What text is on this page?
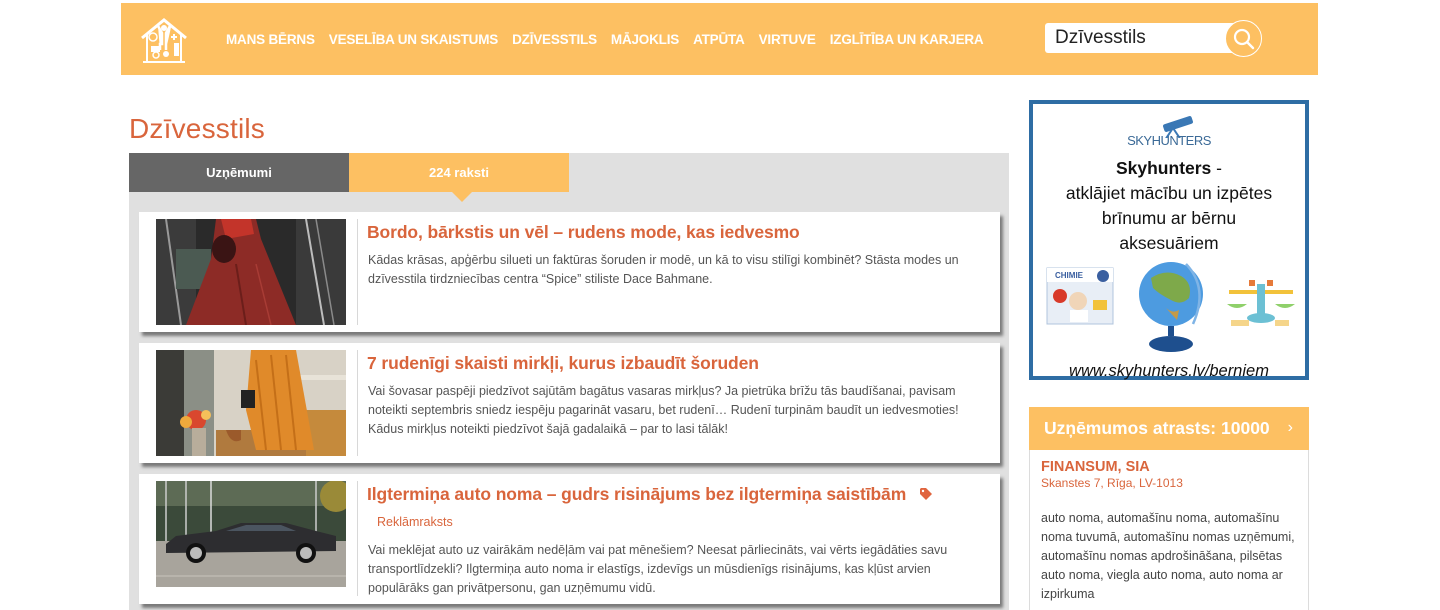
MANS BĒRNS VESELĪBA UN SKAISTUMS DZĪVESSTILS MĀJOKLIS ATPŪTA VIRTUVE IZGLĪTĪBA UN KARJERA
Dzīvesstils
Dzīvesstils
Uzņēmumi	224 raksti
Bordo, bārkstis un vēl – rudens mode, kas iedvesmo
Kādas krāsas, apģērbu silueti un faktūras šoruden ir modē, un kā to visu stilīgi kombinēt? Stāsta modes un dzīvesstila tirdzniecības centra “Spice” stiliste Dace Bahmane.
7 rudenīgi skaisti mirkļi, kurus izbaudīt šoruden
Vai šovasar paspēji piedzīvot sajūtām bagātus vasaras mirkļus? Ja pietrūka brīžu tās baudīšanai, pavisam noteikti septembris sniedz iespēju pagarināt vasaru, bet rudenī… Rudenī turpinām baudīt un iedvesmoties! Kādus mirkļus noteikti piedzīvot šajā gadalaikā – par to lasi tālāk!
Ilgtermiņa auto noma – gudrs risinājums bez ilgtermiņa saistībām
Reklāmraksts
Vai meklējat auto uz vairākām nedēļām vai pat mēnešiem? Neesat pārliecināts, vai vērts iegādāties savu transportlīdzekli? Ilgtermiņa auto noma ir elastīgs, izdevīgs un mūsdienīgs risinājums, kas kļūst arvien populārāks gan privātpersonu, gan uzņēmumu vidū.
SKYHUNTERS
Skyhunters -
atklājiet mācību un izpētes
brīnumu ar bērnu
aksesuāriem
CHIMIE
www.skyhunters.lv/berniem
Uzņēmumos atrasts: 10000 ›
FINANSUM, SIA
Skanstes 7, Rīga, LV-1013
auto noma, automašīnu noma, automašīnu noma tuvumā, automašīnu nomas uzņēmumi, automašīnu nomas apdrošināšana, pilsētas auto noma, viegla auto noma, auto noma ar izpirkuma
